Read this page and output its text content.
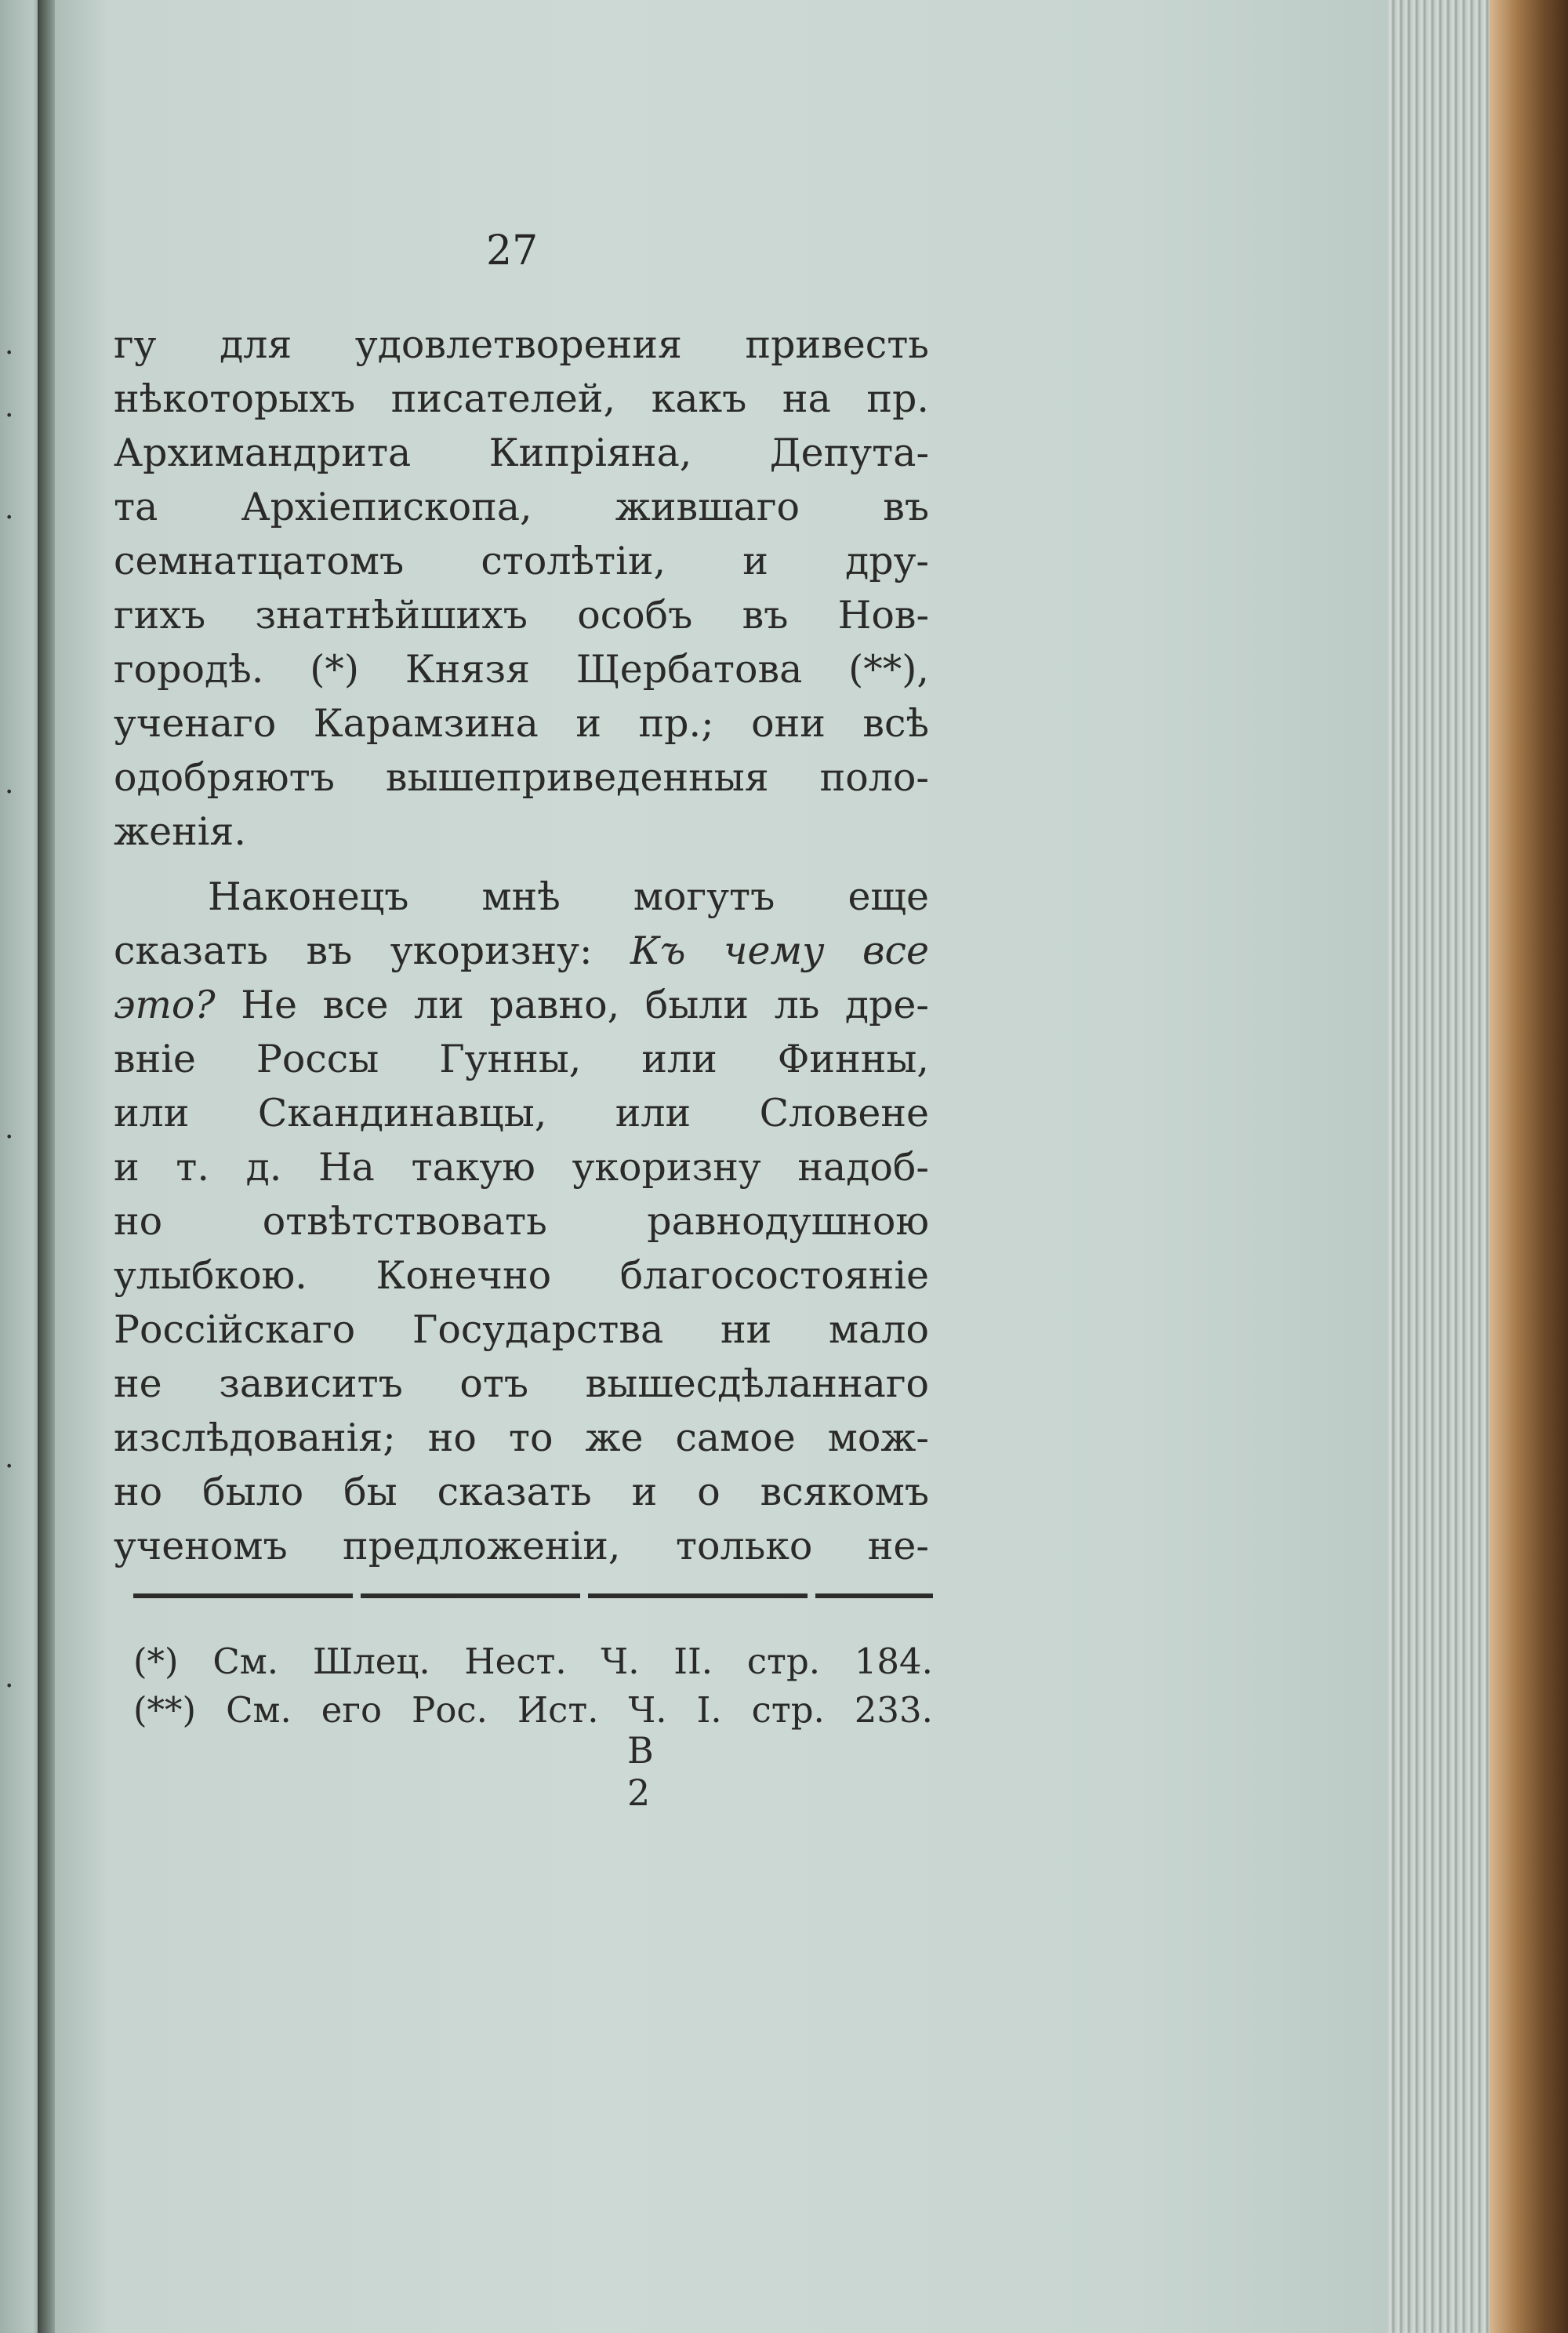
·
·
·
·
·
·
·
27
гу для удовлетворения привесть
нѣкоторыхъ писателей, какъ на пр.
Архимандрита Кипріяна, Депута-
та Архіепископа, жившаго въ
семнатцатомъ столѣтіи, и дру-
гихъ знатнѣйшихъ особъ въ Нов-
городѣ. (*) Князя Щербатова (**),
ученаго Карамзина и пр.; они всѣ
одобряютъ вышеприведенныя поло-
женія.
Наконецъ мнѣ могутъ еще
сказать въ укоризну: Къ чему все
это? Не все ли равно, были ль дре-
вніе Россы Гунны, или Финны,
или Скандинавцы, или Словене
и т. д. На такую укоризну надоб-
но отвѣтствовать равнодушною
улыбкою. Конечно благосостояніе
Россійскаго Государства ни мало
не зависитъ отъ вышесдѣланнаго
изслѣдованія; но то же самое мож-
но было бы сказать и о всякомъ
ученомъ предложеніи, только не-
(*) См. Шлец. Нест. Ч. II. стр. 184.
(**) См. его Рос. Ист. Ч. I. стр. 233.
В 2
